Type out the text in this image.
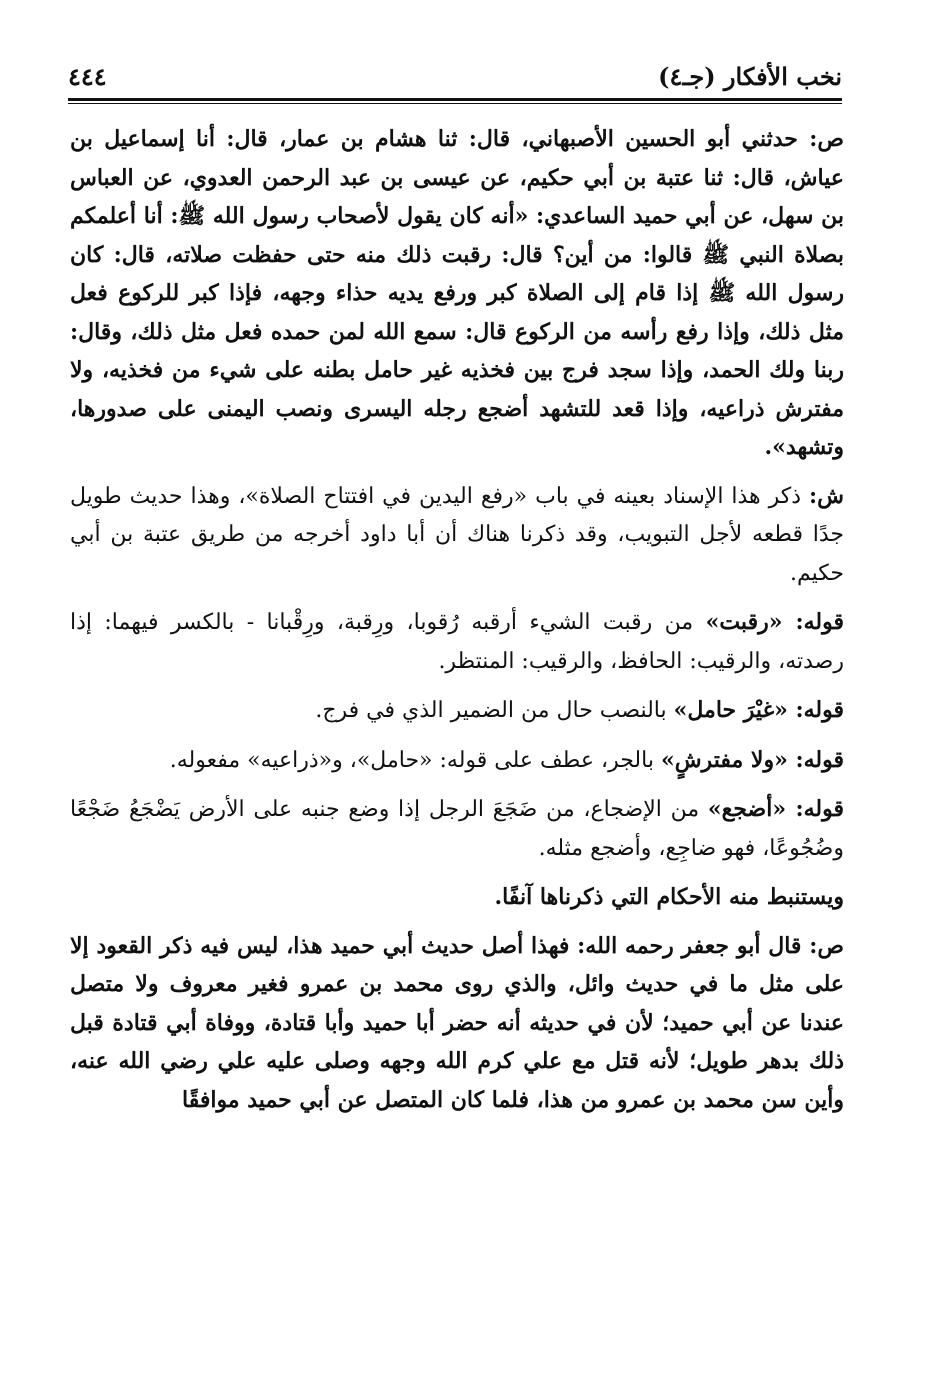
نخب الأفكار (جـ٤)
٤٤٤

ص: حدثني أبو الحسين الأصبهاني، قال: ثنا هشام بن عمار، قال: أنا إسماعيل بن عياش، قال: ثنا عتبة بن أبي حكيم، عن عيسى بن عبد الرحمن العدوي، عن العباس بن سهل، عن أبي حميد الساعدي: «أنه كان يقول لأصحاب رسول الله ﷺ: أنا أعلمكم بصلاة النبي ﷺ قالوا: من أين؟ قال: رقبت ذلك منه حتى حفظت صلاته، قال: كان رسول الله ﷺ إذا قام إلى الصلاة كبر ورفع يديه حذاء وجهه، فإذا كبر للركوع فعل مثل ذلك، وإذا رفع رأسه من الركوع قال: سمع الله لمن حمده فعل مثل ذلك، وقال: ربنا ولك الحمد، وإذا سجد فرج بين فخذيه غير حامل بطنه على شيء من فخذيه، ولا مفترش ذراعيه، وإذا قعد للتشهد أضجع رجله اليسرى ونصب اليمنى على صدورها، وتشهد».

ش: ذكر هذا الإسناد بعينه في باب «رفع اليدين في افتتاح الصلاة»، وهذا حديث طويل جدًا قطعه لأجل التبويب، وقد ذكرنا هناك أن أبا داود أخرجه من طريق عتبة بن أبي حكيم.

قوله: «رقبت» من رقبت الشيء أرقبه رُقوبا، ورِقبة، ورِقْبانا - بالكسر فيهما: إذا رصدته، والرقيب: الحافظ، والرقيب: المنتظر.

قوله: «غيْرَ حامل» بالنصب حال من الضمير الذي في فرج.

قوله: «ولا مفترشٍ» بالجر، عطف على قوله: «حامل»، و«ذراعيه» مفعوله.

قوله: «أضجع» من الإضجاع، من ضَجَعَ الرجل إذا وضع جنبه على الأرض يَضْجَعُ ضَجْعًا وضُجُوعًا، فهو ضاجِع، وأضجع مثله.

ويستنبط منه الأحكام التي ذكرناها آنفًا.

ص: قال أبو جعفر رحمه الله: فهذا أصل حديث أبي حميد هذا، ليس فيه ذكر القعود إلا على مثل ما في حديث وائل، والذي روى محمد بن عمرو فغير معروف ولا متصل عندنا عن أبي حميد؛ لأن في حديثه أنه حضر أبا حميد وأبا قتادة، ووفاة أبي قتادة قبل ذلك بدهر طويل؛ لأنه قتل مع علي كرم الله وجهه وصلى عليه علي رضي الله عنه، وأين سن محمد بن عمرو من هذا، فلما كان المتصل عن أبي حميد موافقًا
